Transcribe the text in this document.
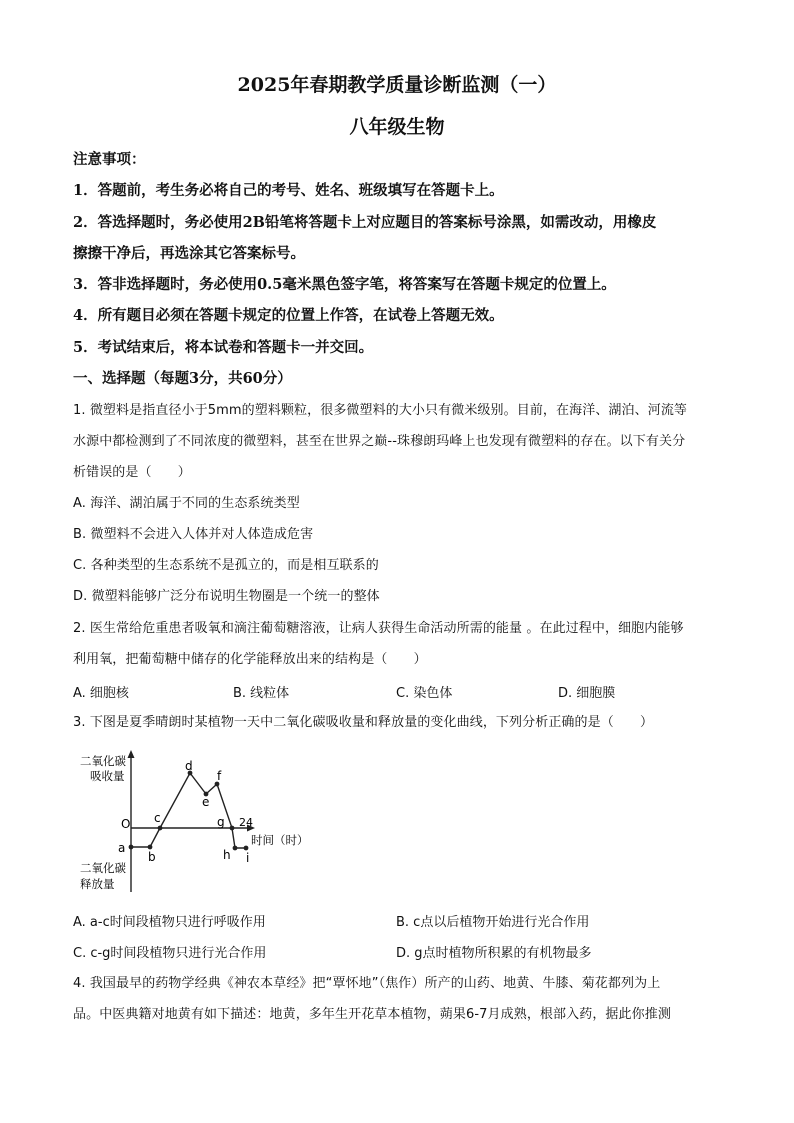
2025年春期教学质量诊断监测（一）
八年级生物
注意事项：
1．答题前，考生务必将自己的考号、姓名、班级填写在答题卡上。
2．答选择题时，务必使用2B铅笔将答题卡上对应题目的答案标号涂黑，如需改动，用橡皮
擦擦干净后，再选涂其它答案标号。
3．答非选择题时，务必使用0.5毫米黑色签字笔，将答案写在答题卡规定的位置上。
4．所有题目必须在答题卡规定的位置上作答，在试卷上答题无效。
5．考试结束后，将本试卷和答题卡一并交回。
一、选择题（每题3分，共60分）
1. 微塑料是指直径小于5mm的塑料颗粒，很多微塑料的大小只有微米级别。目前，在海洋、湖泊、河流等
水源中都检测到了不同浓度的微塑料，甚至在世界之巅--珠穆朗玛峰上也发现有微塑料的存在。以下有关分
析错误的是（　　）
A. 海洋、湖泊属于不同的生态系统类型
B. 微塑料不会进入人体并对人体造成危害
C. 各种类型的生态系统不是孤立的，而是相互联系的
D. 微塑料能够广泛分布说明生物圈是一个统一的整体
2. 医生常给危重患者吸氧和滴注葡萄糖溶液，让病人获得生命活动所需的能量 。在此过程中，细胞内能够
利用氧，把葡萄糖中储存的化学能释放出来的结构是（　　）
A. 细胞核	B. 线粒体	C. 染色体	D. 细胞膜
3. 下图是夏季晴朗时某植物一天中二氧化碳吸收量和释放量的变化曲线，下列分析正确的是（　　）
二氧化碳
吸收量
二氧化碳
释放量
O
时间（时）
24
a
b
c
d
e
f
g
h i
A. a-c时间段植物只进行呼吸作用	B. c点以后植物开始进行光合作用
C. c-g时间段植物只进行光合作用	D. g点时植物所积累的有机物最多
4. 我国最早的药物学经典《神农本草经》把“覃怀地”（焦作）所产的山药、地黄、牛膝、菊花都列为上
品。中医典籍对地黄有如下描述：地黄，多年生开花草本植物，蒴果6-7月成熟，根部入药，据此你推测
